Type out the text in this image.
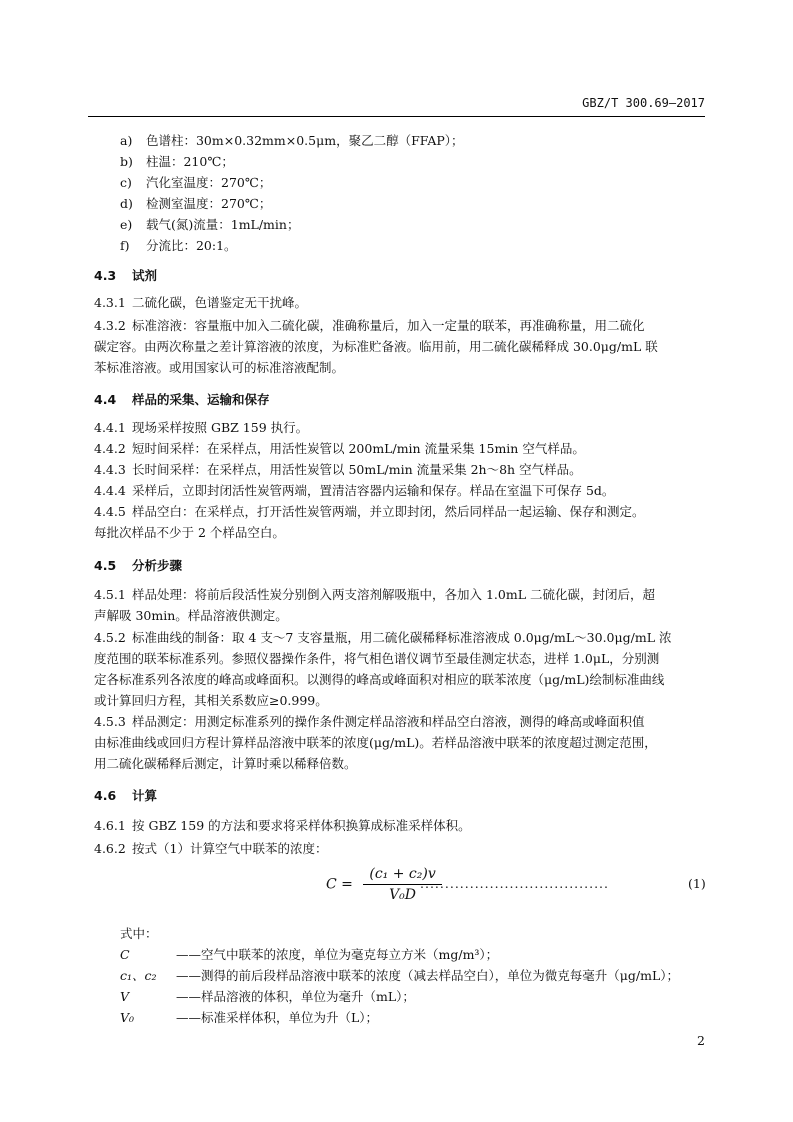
GBZ/T 300.69—2017
a) 色谱柱：30m×0.32mm×0.5μm，聚乙二醇（FFAP）；
b) 柱温：210℃；
c) 汽化室温度：270℃；
d) 检测室温度：270℃；
e) 载气(氮)流量：1mL/min；
f) 分流比：20:1。
4.3 试剂
4.3.1 二硫化碳，色谱鉴定无干扰峰。
4.3.2 标准溶液：容量瓶中加入二硫化碳，准确称量后，加入一定量的联苯，再准确称量，用二硫化
碳定容。由两次称量之差计算溶液的浓度，为标准贮备液。临用前，用二硫化碳稀释成 30.0μg/mL 联
苯标准溶液。或用国家认可的标准溶液配制。
4.4 样品的采集、运输和保存
4.4.1 现场采样按照 GBZ 159 执行。
4.4.2 短时间采样：在采样点，用活性炭管以 200mL/min 流量采集 15min 空气样品。
4.4.3 长时间采样：在采样点，用活性炭管以 50mL/min 流量采集 2h～8h 空气样品。
4.4.4 采样后，立即封闭活性炭管两端，置清洁容器内运输和保存。样品在室温下可保存 5d。
4.4.5 样品空白：在采样点，打开活性炭管两端，并立即封闭，然后同样品一起运输、保存和测定。
每批次样品不少于 2 个样品空白。
4.5 分析步骤
4.5.1 样品处理：将前后段活性炭分别倒入两支溶剂解吸瓶中，各加入 1.0mL 二硫化碳，封闭后，超
声解吸 30min。样品溶液供测定。
4.5.2 标准曲线的制备：取 4 支～7 支容量瓶，用二硫化碳稀释标准溶液成 0.0μg/mL～30.0μg/mL 浓
度范围的联苯标准系列。参照仪器操作条件，将气相色谱仪调节至最佳测定状态，进样 1.0μL，分别测
定各标准系列各浓度的峰高或峰面积。以测得的峰高或峰面积对相应的联苯浓度（μg/mL)绘制标准曲线
或计算回归方程，其相关系数应≥0.999。
4.5.3 样品测定：用测定标准系列的操作条件测定样品溶液和样品空白溶液，测得的峰高或峰面积值
由标准曲线或回归方程计算样品溶液中联苯的浓度(μg/mL)。若样品溶液中联苯的浓度超过测定范围，
用二硫化碳稀释后测定，计算时乘以稀释倍数。
4.6 计算
4.6.1 按 GBZ 159 的方法和要求将采样体积换算成标准采样体积。
4.6.2 按式（1）计算空气中联苯的浓度：
$C = \frac{\text{(c₁ + c₂)v}}{\text{V₀D}}$
......................................	(1)
式中：
C	——空气中联苯的浓度，单位为毫克每立方米（mg/m³）；
c₁、c₂ ——测得的前后段样品溶液中联苯的浓度（减去样品空白），单位为微克每毫升（μg/mL）；
V	——样品溶液的体积，单位为毫升（mL）；
V₀	——标准采样体积，单位为升（L）；
2
